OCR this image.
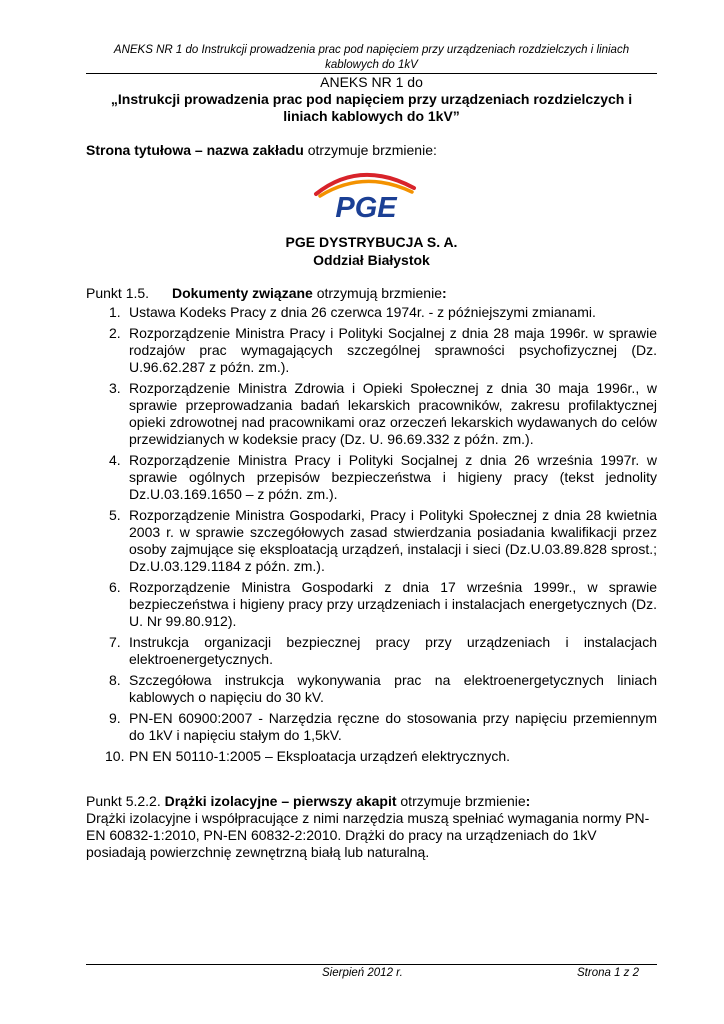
ANEKS NR 1 do Instrukcji prowadzenia prac pod napięciem przy urządzeniach rozdzielczych i liniach
kablowych do 1kV
ANEKS NR 1 do
„Instrukcji prowadzenia prac pod napięciem przy urządzeniach rozdzielczych i
liniach kablowych do 1kV”
Strona tytułowa – nazwa zakładu otrzymuje brzmienie:
PGE
PGE DYSTRYBUCJA S. A.
Oddział Białystok
Punkt 1.5. Dokumenty związane otrzymują brzmienie:
1. Ustawa Kodeks Pracy z dnia 26 czerwca 1974r. - z późniejszymi zmianami.
2. Rozporządzenie Ministra Pracy i Polityki Socjalnej z dnia 28 maja 1996r. w sprawie rodzajów prac wymagających szczególnej sprawności psychofizycznej (Dz. U.96.62.287 z późn. zm.).
3. Rozporządzenie Ministra Zdrowia i Opieki Społecznej z dnia 30 maja 1996r., w sprawie przeprowadzania badań lekarskich pracowników, zakresu profilaktycznej opieki zdrowotnej nad pracownikami oraz orzeczeń lekarskich wydawanych do celów przewidzianych w kodeksie pracy (Dz. U. 96.69.332 z późn. zm.).
4. Rozporządzenie Ministra Pracy i Polityki Socjalnej z dnia 26 września 1997r. w sprawie ogólnych przepisów bezpieczeństwa i higieny pracy (tekst jednolity Dz.U.03.169.1650 – z późn. zm.).
5. Rozporządzenie Ministra Gospodarki, Pracy i Polityki Społecznej z dnia 28 kwietnia 2003 r. w sprawie szczegółowych zasad stwierdzania posiadania kwalifikacji przez osoby zajmujące się eksploatacją urządzeń, instalacji i sieci (Dz.U.03.89.828 sprost.; Dz.U.03.129.1184 z późn. zm.).
6. Rozporządzenie Ministra Gospodarki z dnia 17 września 1999r., w sprawie bezpieczeństwa i higieny pracy przy urządzeniach i instalacjach energetycznych (Dz. U. Nr 99.80.912).
7. Instrukcja organizacji bezpiecznej pracy przy urządzeniach i instalacjach elektroenergetycznych.
8. Szczegółowa instrukcja wykonywania prac na elektroenergetycznych liniach kablowych o napięciu do 30 kV.
9. PN-EN 60900:2007 - Narzędzia ręczne do stosowania przy napięciu przemiennym do 1kV i napięciu stałym do 1,5kV.
10. PN EN 50110-1:2005 – Eksploatacja urządzeń elektrycznych.
Punkt 5.2.2. Drążki izolacyjne – pierwszy akapit otrzymuje brzmienie:
Drążki izolacyjne i współpracujące z nimi narzędzia muszą spełniać wymagania normy PN-EN 60832-1:2010, PN-EN 60832-2:2010. Drążki do pracy na urządzeniach do 1kV posiadają powierzchnię zewnętrzną białą lub naturalną.
Sierpień 2012 r.	Strona 1 z 2
